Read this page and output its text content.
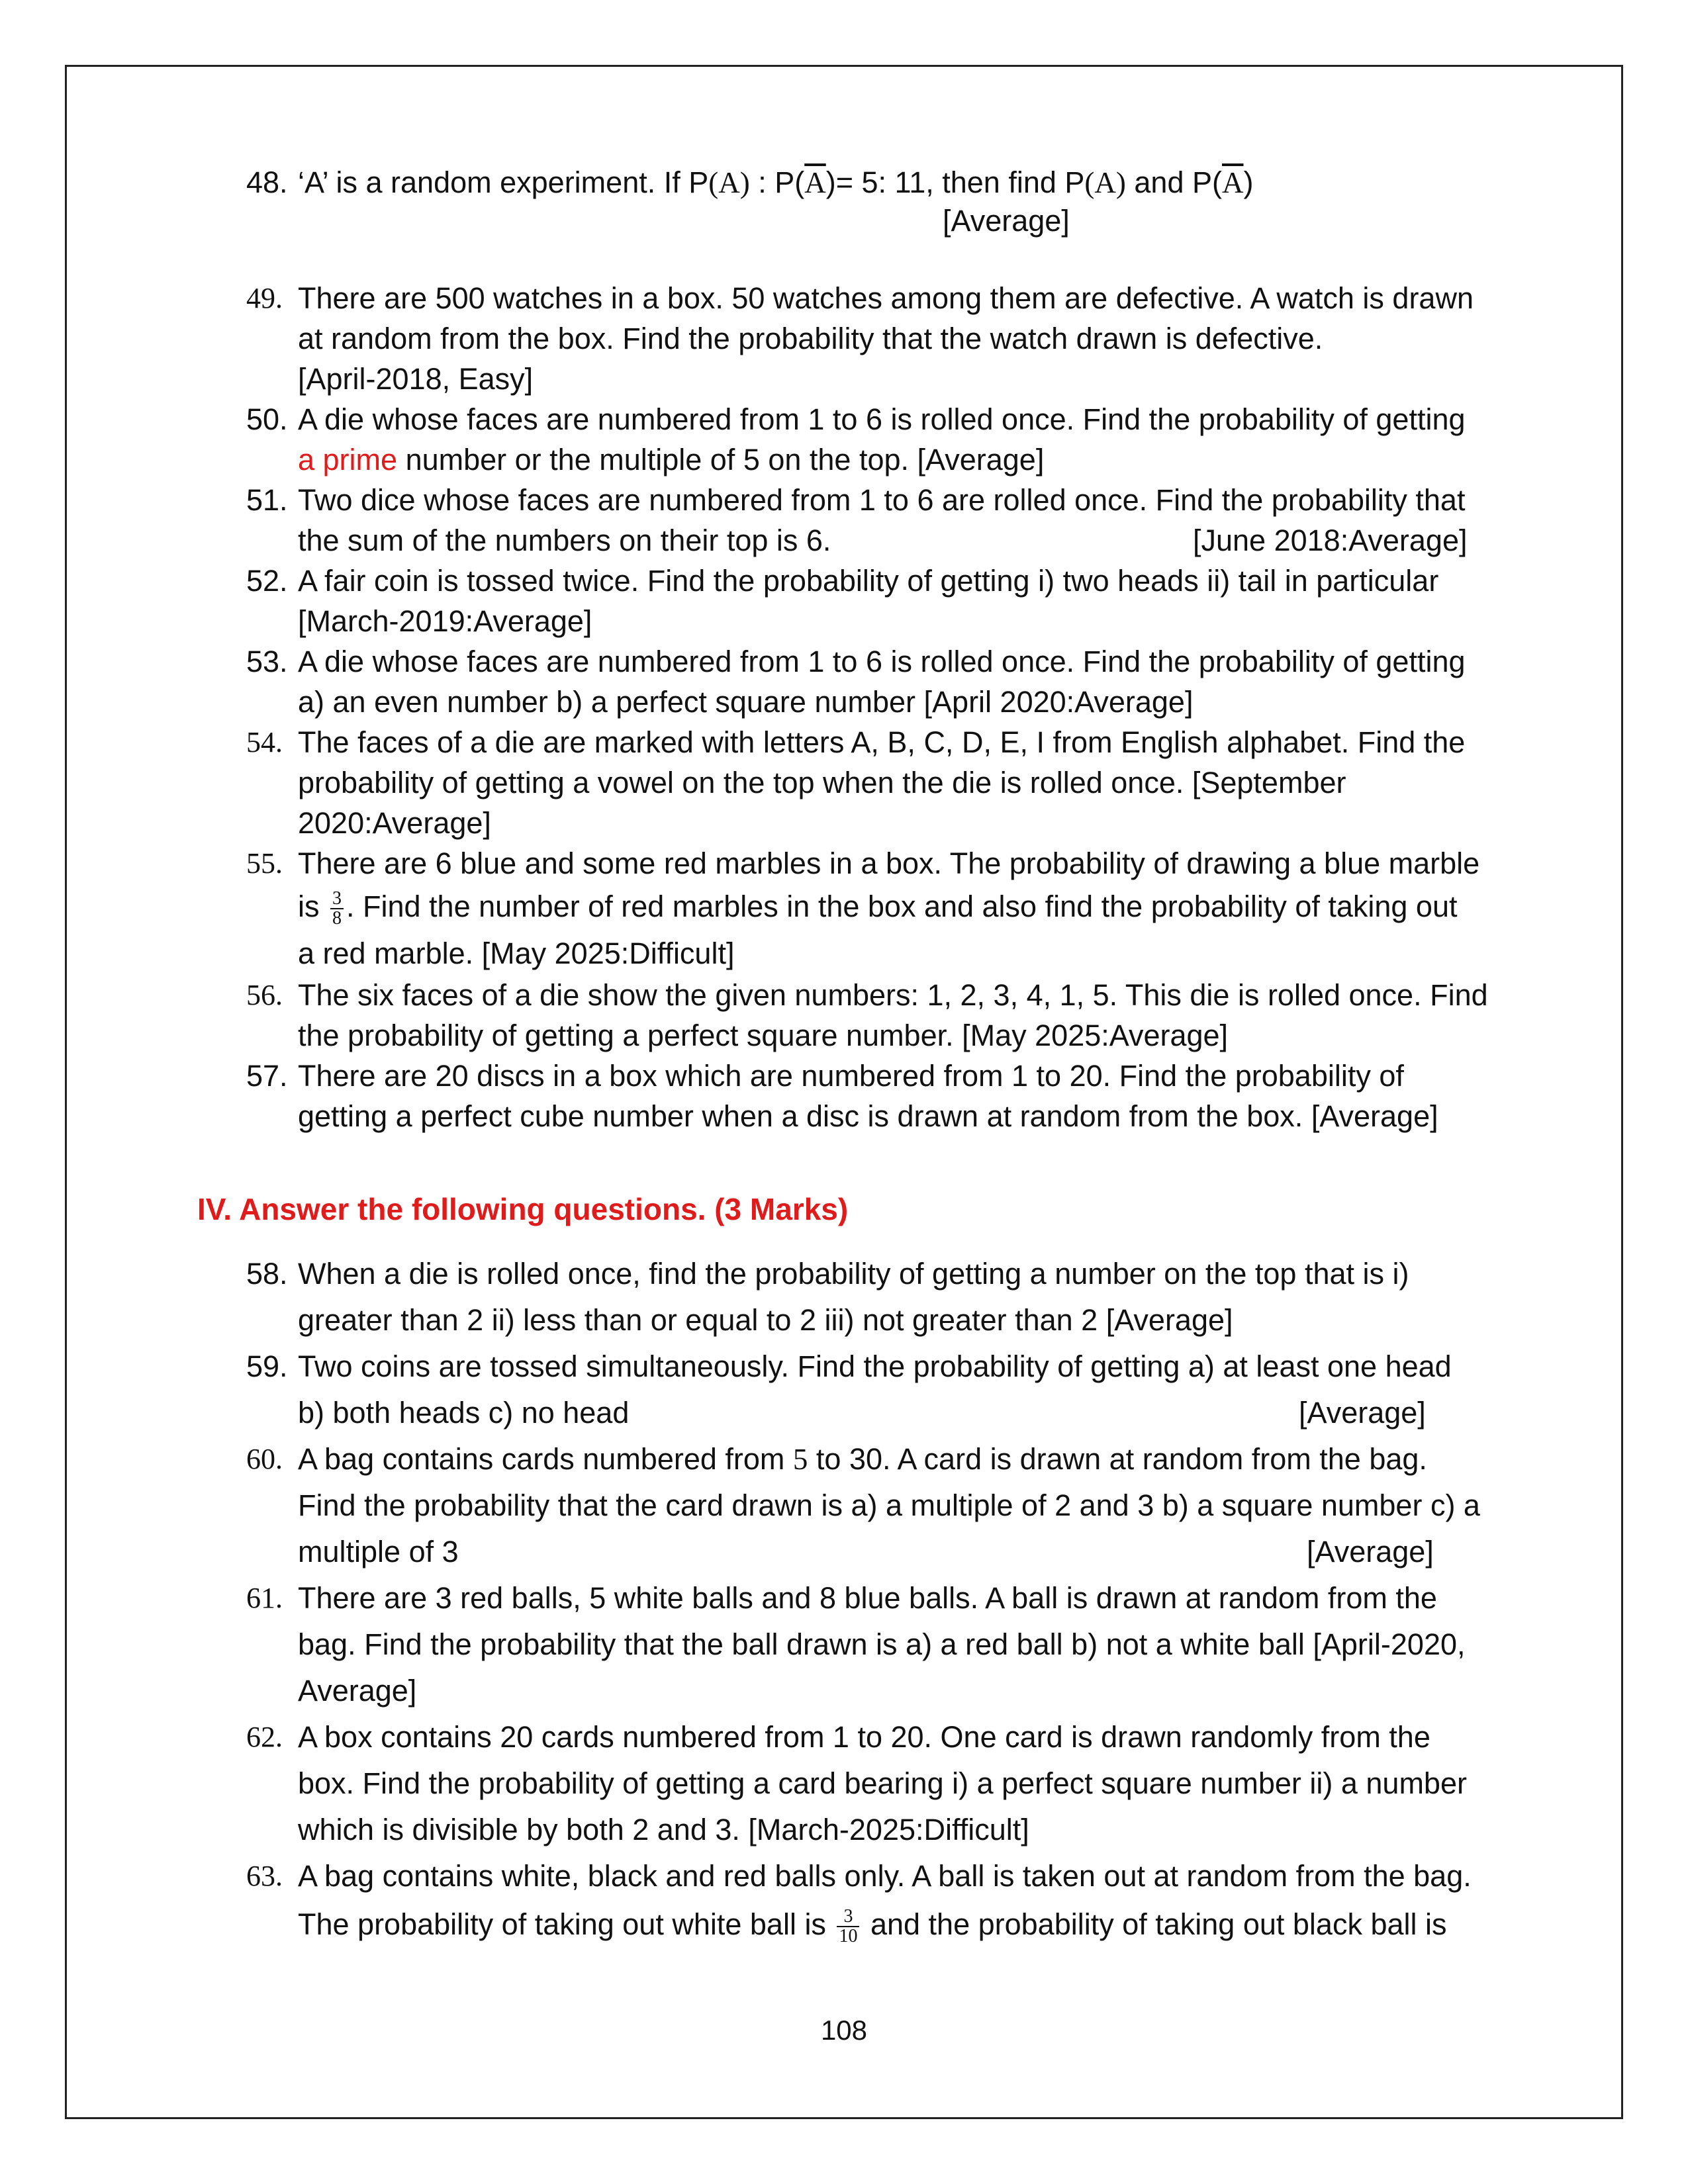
48. ‘A’ is a random experiment. If P(A) : $P(\overline{A})= 5$: 11, then find P(A) and $P(\overline{A})$
[Average]
49. There are 500 watches in a box. 50 watches among them are defective. A watch is drawn
at random from the box. Find the probability that the watch drawn is defective.
[April-2018, Easy]
50. A die whose faces are numbered from 1 to 6 is rolled once. Find the probability of getting
a prime number or the multiple of 5 on the top. [Average]
51. Two dice whose faces are numbered from 1 to 6 are rolled once. Find the probability that
the sum of the numbers on their top is 6.	[June 2018:Average]
52. A fair coin is tossed twice. Find the probability of getting i) two heads ii) tail in particular
[March-2019:Average]
53. A die whose faces are numbered from 1 to 6 is rolled once. Find the probability of getting
a) an even number b) a perfect square number [April 2020:Average]
54. The faces of a die are marked with letters A, B, C, D, E, I from English alphabet. Find the
probability of getting a vowel on the top when the die is rolled once. [September
2020:Average]
55. There are 6 blue and some red marbles in a box. The probability of drawing a blue marble
is $\frac{3}{8}$ . Find the number of red marbles in the box and also find the probability of taking out
a red marble. [May 2025:Difficult]
56. The six faces of a die show the given numbers: 1, 2, 3, 4, 1, 5. This die is rolled once. Find
the probability of getting a perfect square number. [May 2025:Average]
57. There are 20 discs in a box which are numbered from 1 to 20. Find the probability of
getting a perfect cube number when a disc is drawn at random from the box. [Average]
IV. Answer the following questions. (3 Marks)
58. When a die is rolled once, find the probability of getting a number on the top that is i)
greater than 2 ii) less than or equal to 2 iii) not greater than 2 [Average]
59. Two coins are tossed simultaneously. Find the probability of getting a) at least one head
b) both heads c) no head	[Average]
60. A bag contains cards numbered from 5 to 30. A card is drawn at random from the bag.
Find the probability that the card drawn is a) a multiple of 2 and 3 b) a square number c) a
multiple of 3	[Average]
61. There are 3 red balls, 5 white balls and 8 blue balls. A ball is drawn at random from the
bag. Find the probability that the ball drawn is a) a red ball b) not a white ball [April-2020,
Average]
62. A box contains 20 cards numbered from 1 to 20. One card is drawn randomly from the
box. Find the probability of getting a card bearing i) a perfect square number ii) a number
which is divisible by both 2 and 3. [March-2025:Difficult]
63. A bag contains white, black and red balls only. A ball is taken out at random from the bag.
The probability of taking out white ball is $\frac{3}{10}$ and the probability of taking out black ball is
108
